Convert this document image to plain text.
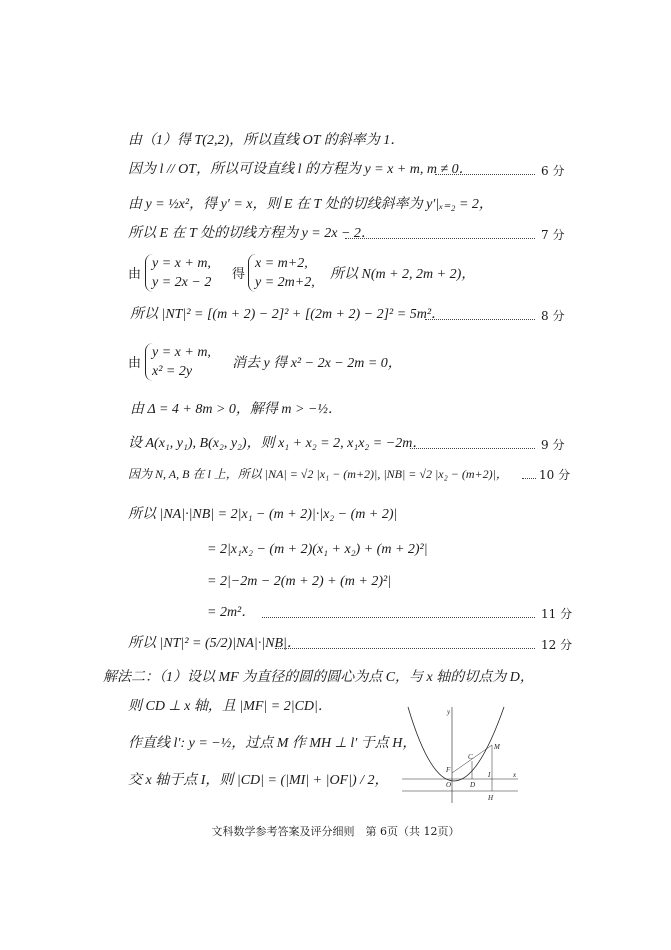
由（1）得 T(2,2)，所以直线 OT 的斜率为 1．
因为 l // OT，所以可设直线 l 的方程为 y = x + m, m ≠ 0．	6 分
由 y = ½x²，得 y′ = x，则 E 在 T 处的切线斜率为 y′|ₓ₌₂ = 2，
所以 E 在 T 处的切线方程为 y = 2x − 2．	7 分
由
y = x + m,
y = 2x − 2
得
x = m+2,
y = 2m+2,
所以 N(m + 2, 2m + 2)，
所以 |NT|² = [(m + 2) − 2]² + [(2m + 2) − 2]² = 5m²．	8 分
由
y = x + m,
x² = 2y
消去 y 得 x² − 2x − 2m = 0，
由 Δ = 4 + 8m > 0，解得 m > −½．
设 A(x₁, y₁), B(x₂, y₂)，则 x₁ + x₂ = 2, x₁x₂ = −2m．	9 分
因为 N, A, B 在 l 上，所以 |NA| = √2 |x₁ − (m+2)|, |NB| = √2 |x₂ − (m+2)|，	10 分
所以 |NA|·|NB| = 2|x₁ − (m + 2)|·|x₂ − (m + 2)|
= 2|x₁x₂ − (m + 2)(x₁ + x₂) + (m + 2)²|
= 2|−2m − 2(m + 2) + (m + 2)²|
= 2m²．	11 分
所以 |NT|² = (5/2)|NA|·|NB|．	12 分
解法二：（1）设以 MF 为直径的圆的圆心为点 C，与 x 轴的切点为 D，
则 CD ⊥ x 轴，且 |MF| = 2|CD|．
作直线 l′: y = −½，过点 M 作 MH ⊥ l′ 于点 H，
交 x 轴于点 I，则 |CD| = (|MI| + |OF|) / 2，
y
x
O
F
C
M
D
I
H
文科数学参考答案及评分细则　第 6页（共 12页）
